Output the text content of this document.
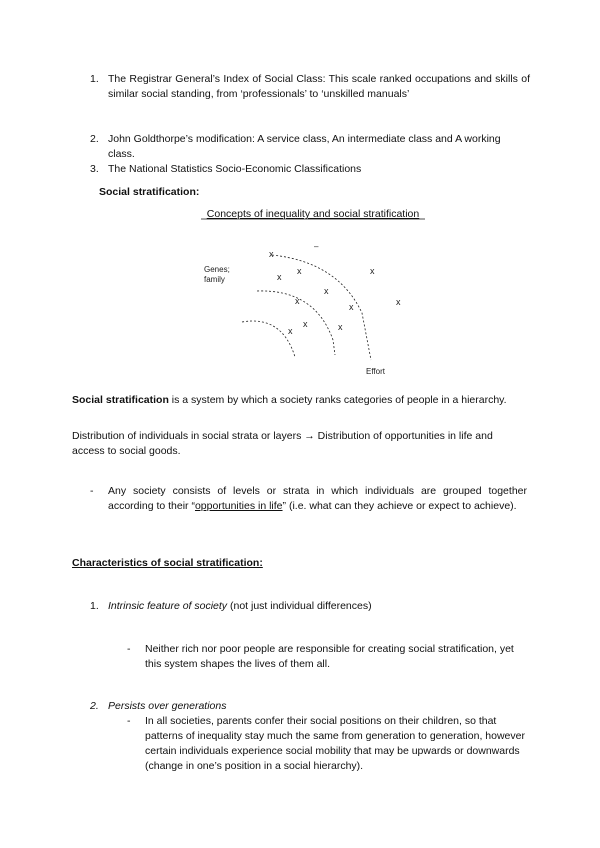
1. The Registrar General’s Index of Social Class: This scale ranked occupations and skills of similar social standing, from ‘professionals’ to ‘unskilled manuals’
2. John Goldthorpe’s modification: A service class, An intermediate class and A working class.
3. The National Statistics Socio-Economic Classifications
Social stratification:
Concepts of inequality and social stratification
Genes;
family
Effort
–
x
x
x
x
x
x	x
x
x	x
x
Social stratification is a system by which a society ranks categories of people in a hierarchy.
Distribution of individuals in social strata or layers → Distribution of opportunities in life and access to social goods.
- Any society consists of levels or strata in which individuals are grouped together according to their “opportunities in life” (i.e. what can they achieve or expect to achieve).
Characteristics of social stratification:
1. Intrinsic feature of society (not just individual differences)
- Neither rich nor poor people are responsible for creating social stratification, yet this system shapes the lives of them all.
2. Persists over generations
- In all societies, parents confer their social positions on their children, so that patterns of inequality stay much the same from generation to generation, however certain individuals experience social mobility that may be upwards or downwards (change in one’s position in a social hierarchy).
